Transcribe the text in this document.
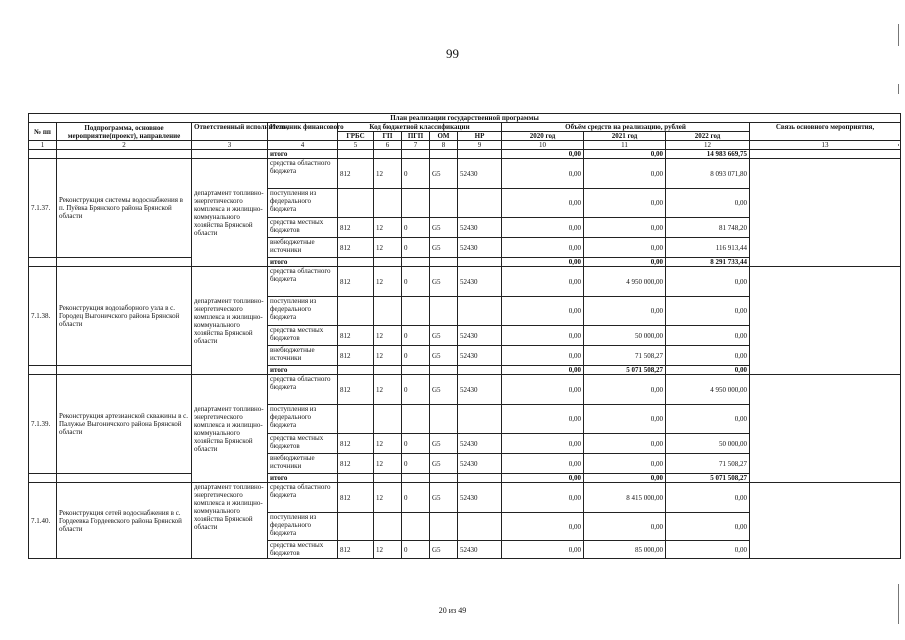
99
План реализации государственной программы												
№ пп	Подпрограмма, основное мероприятие(проект), направление	Ответственный исполнитель,	Источник финансового	Код бюджетной классификации					Объём средств на реализацию, рублей			Связь основного мероприятия,
				ГРБС	ГП	ПГП	ОМ	НР	2020 год	2021 год	2022 год	
1	2	3	4	5	6	7	8	9	10	11	12	13
			итого						0,00	0,00	14 983 669,75	
7.1.37.	Реконструкция системы водоснабжения в п. Пуёвка Брянского района Брянской области	департамент топливно-энергетического комплекса и жилищно-коммунального хозяйства Брянской области	средства областного бюджета	812	12	0	G5	52430	0,00	0,00	8 093 071,80	
			поступления из федерального бюджета						0,00	0,00	0,00	
			средства местных бюджетов	812	12	0	G5	52430	0,00	0,00	81 748,20	
			внебюджетные источники	812	12	0	G5	52430	0,00	0,00	116 913,44	
			итого						0,00	0,00	8 291 733,44	
7.1.38.	Реконструкция водозаборного узла в с. Городец Выгоничского района Брянской области	департамент топливно-энергетического комплекса и жилищно-коммунального хозяйства Брянской области	средства областного бюджета	812	12	0	G5	52430	0,00	4 950 000,00	0,00	
			поступления из федерального бюджета						0,00	0,00	0,00	
			средства местных бюджетов	812	12	0	G5	52430	0,00	50 000,00	0,00	
			внебюджетные источники	812	12	0	G5	52430	0,00	71 508,27	0,00	
			итого						0,00	5 071 508,27	0,00	
7.1.39.	Реконструкция артезианской скважины в с. Палужье Выгоничского района Брянской области	департамент топливно-энергетического комплекса и жилищно-коммунального хозяйства Брянской области	средства областного бюджета	812	12	0	G5	52430	0,00	0,00	4 950 000,00	
			поступления из федерального бюджета						0,00	0,00	0,00	
			средства местных бюджетов	812	12	0	G5	52430	0,00	0,00	50 000,00	
			внебюджетные источники	812	12	0	G5	52430	0,00	0,00	71 508,27	
			итого						0,00	0,00	5 071 508,27	
7.1.40.	Реконструкция сетей водоснабжения в с. Гордеевка Гордеевского района Брянской области	департамент топливно-энергетического комплекса и жилищно-коммунального хозяйства Брянской области	средства областного бюджета	812	12	0	G5	52430	0,00	8 415 000,00	0,00	
			поступления из федерального бюджета						0,00	0,00	0,00	
			средства местных бюджетов	812	12	0	G5	52430	0,00	85 000,00	0,00	
20 из 49
